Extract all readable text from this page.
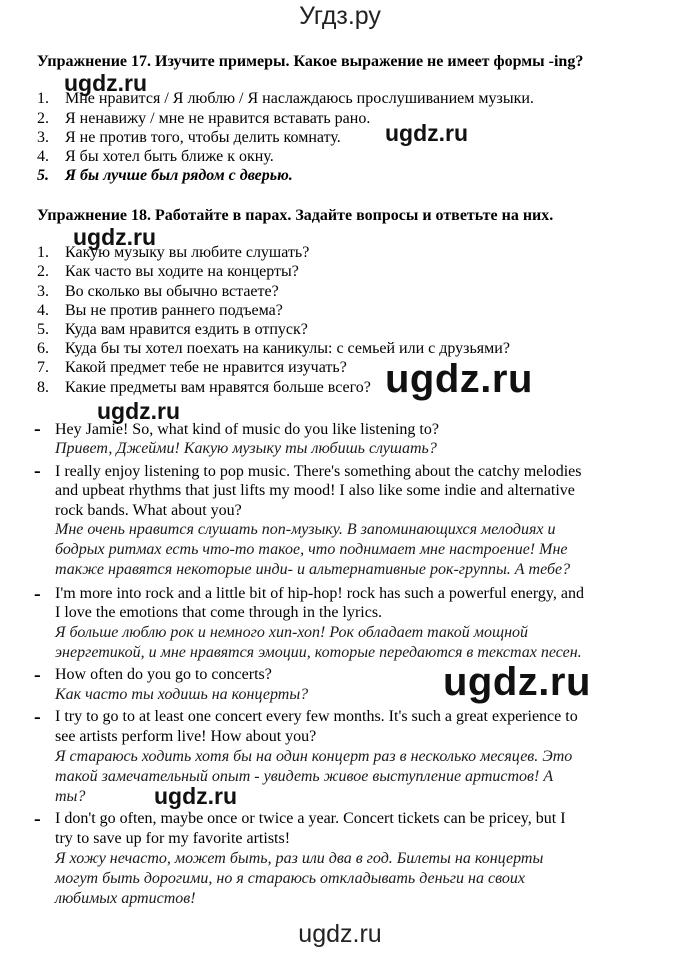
Угдз.ру
Упражнение 17. Изучите примеры. Какое выражение не имеет формы -ing?
1. Мне нравится / Я люблю / Я наслаждаюсь прослушиванием музыки.
2. Я ненавижу / мне не нравится вставать рано.
3. Я не против того, чтобы делить комнату.
4. Я бы хотел быть ближе к окну.
5. Я бы лучше был рядом с дверью.
Упражнение 18. Работайте в парах. Задайте вопросы и ответьте на них.
1. Какую музыку вы любите слушать?
2. Как часто вы ходите на концерты?
3. Во сколько вы обычно встаете?
4. Вы не против раннего подъема?
5. Куда вам нравится ездить в отпуск?
6. Куда бы ты хотел поехать на каникулы: с семьей или с друзьями?
7. Какой предмет тебе не нравится изучать?
8. Какие предметы вам нравятся больше всего?
- Hey Jamie! So, what kind of music do you like listening to?
Привет, Джейми! Какую музыку ты любишь слушать?
- I really enjoy listening to pop music. There's something about the catchy melodies
and upbeat rhythms that just lifts my mood! I also like some indie and alternative
rock bands. What about you?
Мне очень нравится слушать поп-музыку. В запоминающихся мелодиях и
бодрых ритмах есть что-то такое, что поднимает мне настроение! Мне
также нравятся некоторые инди- и альтернативные рок-группы. А тебе?
- I'm more into rock and a little bit of hip-hop! rock has such a powerful energy, and
I love the emotions that come through in the lyrics.
Я больше люблю рок и немного хип-хоп! Рок обладает такой мощной
энергетикой, и мне нравятся эмоции, которые передаются в текстах песен.
- How often do you go to concerts?
Как часто ты ходишь на концерты?
- I try to go to at least one concert every few months. It's such a great experience to
see artists perform live! How about you?
Я стараюсь ходить хотя бы на один концерт раз в несколько месяцев. Это
такой замечательный опыт - увидеть живое выступление артистов! А
ты?
- I don't go often, maybe once or twice a year. Concert tickets can be pricey, but I
try to save up for my favorite artists!
Я хожу нечасто, может быть, раз или два в год. Билеты на концерты
могут быть дорогими, но я стараюсь откладывать деньги на своих
любимых артистов!
ugdz.ru
ugdz.ru
ugdz.ru
ugdz.ru
ugdz.ru
ugdz.ru
ugdz.ru
ugdz.ru
